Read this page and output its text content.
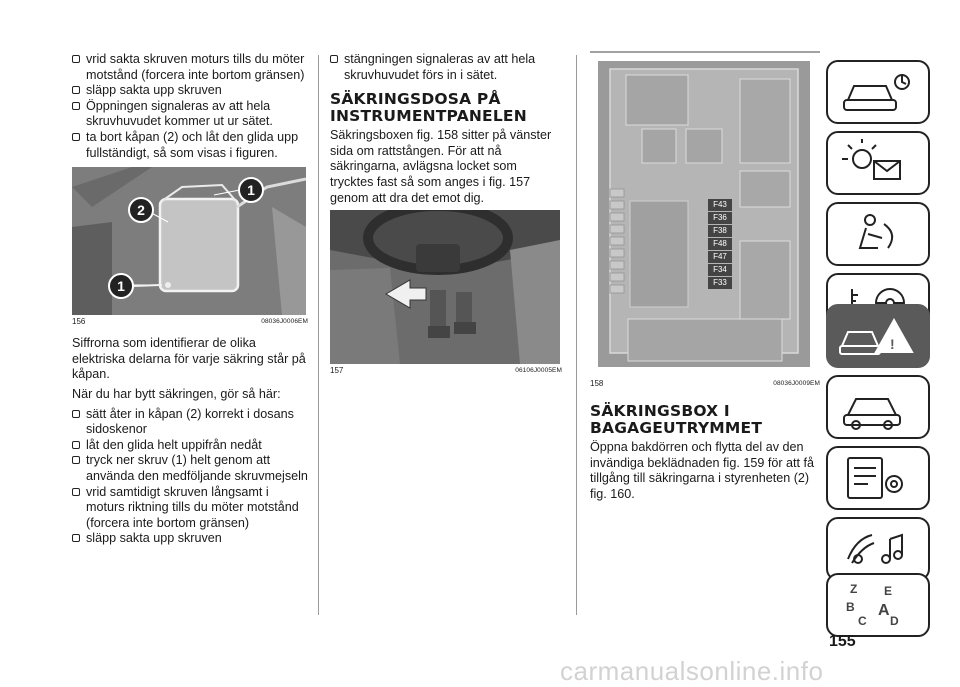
vrid sakta skruven moturs tills du möter motstånd (forcera inte bortom gränsen)

släpp sakta upp skruven

Öppningen signaleras av att hela skruvhuvudet kommer ut ur sätet.

ta bort kåpan (2) och låt den glida upp fullständigt, så som visas i figuren.

1
2
1
156	08036J0006EM

Siffrorna som identifierar de olika elektriska delarna för varje säkring står på kåpan.

När du har bytt säkringen, gör så här:

sätt åter in kåpan (2) korrekt i dosans sidoskenor

låt den glida helt uppifrån nedåt

tryck ner skruv (1) helt genom att använda den medföljande skruvmejseln

vrid samtidigt skruven långsamt i moturs riktning tills du möter motstånd (forcera inte bortom gränsen)

släpp sakta upp skruven

stängningen signaleras av att hela skruvhuvudet förs in i sätet.

SÄKRINGSDOSA PÅ INSTRUMENTPANELEN

Säkringsboxen fig. 158 sitter på vänster sida om rattstången. För att nå säkringarna, avlägsna locket som trycktes fast så som anges i fig. 157 genom att dra det emot dig.

157	06106J0005EM
F43
F36
F38
F48
F47
F34
F33
158	08036J0009EM
SÄKRINGSBOX I BAGAGEUTRYMMET

Öppna bakdörren och flytta del av den invändiga beklädnaden fig. 159 för att få tillgång till säkringarna i styrenheten (2) fig. 160.

!
Z E
B A
C D
155
carmanualsonline.info
